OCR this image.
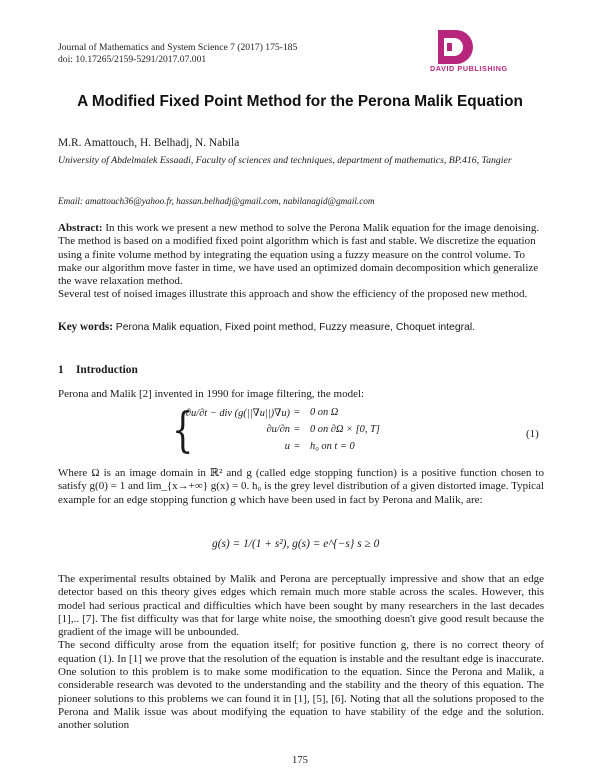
Journal of Mathematics and System Science 7 (2017) 175-185
doi: 10.17265/2159-5291/2017.07.001
DAVID PUBLISHING
A Modified Fixed Point Method for the Perona Malik Equation
M.R. Amattouch, H. Belhadj, N. Nabila
University of Abdelmalek Essaadi, Faculty of sciences and techniques, department of mathematics, BP.416, Tangier
Email: amattouch36@yahoo.fr, hassan.belhadj@gmail.com, nabilanagid@gmail.com
Abstract: In this work we present a new method to solve the Perona Malik equation for the image denoising. The method is based on a modified fixed point algorithm which is fast and stable. We discretize the equation using a finite volume method by integrating the equation using a fuzzy measure on the control volume. To make our algorithm move faster in time, we have used an optimized domain decomposition which generalize the wave relaxation method.
Several test of noised images illustrate this approach and show the efficiency of the proposed new method.
Key words: Perona Malik equation, Fixed point method, Fuzzy measure, Choquet integral.
1 Introduction
Perona and Malik [2] invented in 1990 for image filtering, the model:
{
∂u/∂t − div (g(||∇u||)∇u) = 0 on Ω
∂u/∂n = 0 on ∂Ω × [0, T]
u = h₀ on t = 0
(1)
Where Ω is an image domain in ℝ² and g (called edge stopping function) is a positive function chosen to satisfy g(0) = 1 and lim_{x→+∞} g(x) = 0. h₀ is the grey level distribution of a given distorted image. Typical example for an edge stopping function g which have been used in fact by Perona and Malik, are:
g(s) = 1/(1 + s²), g(s) = e^{−s} s ≥ 0
The experimental results obtained by Malik and Perona are perceptually impressive and show that an edge detector based on this theory gives edges which remain much more stable across the scales. However, this model had serious practical and difficulties which have been sought by many researchers in the last decades [1],.. [7]. The fist difficulty was that for large white noise, the smoothing doesn't give good result because the gradient of the image will be unbounded.
The second difficulty arose from the equation itself; for positive function g, there is no correct theory of equation (1). In [1] we prove that the resolution of the equation is instable and the resultant edge is inaccurate. One solution to this problem is to make some modification to the equation. Since the Perona and Malik, a considerable research was devoted to the understanding and the stability and the theory of this equation. The pioneer solutions to this problems we can found it in [1], [5], [6]. Noting that all the solutions proposed to the Perona and Malik issue was about modifying the equation to have stability of the edge and the solution. another solution
175
